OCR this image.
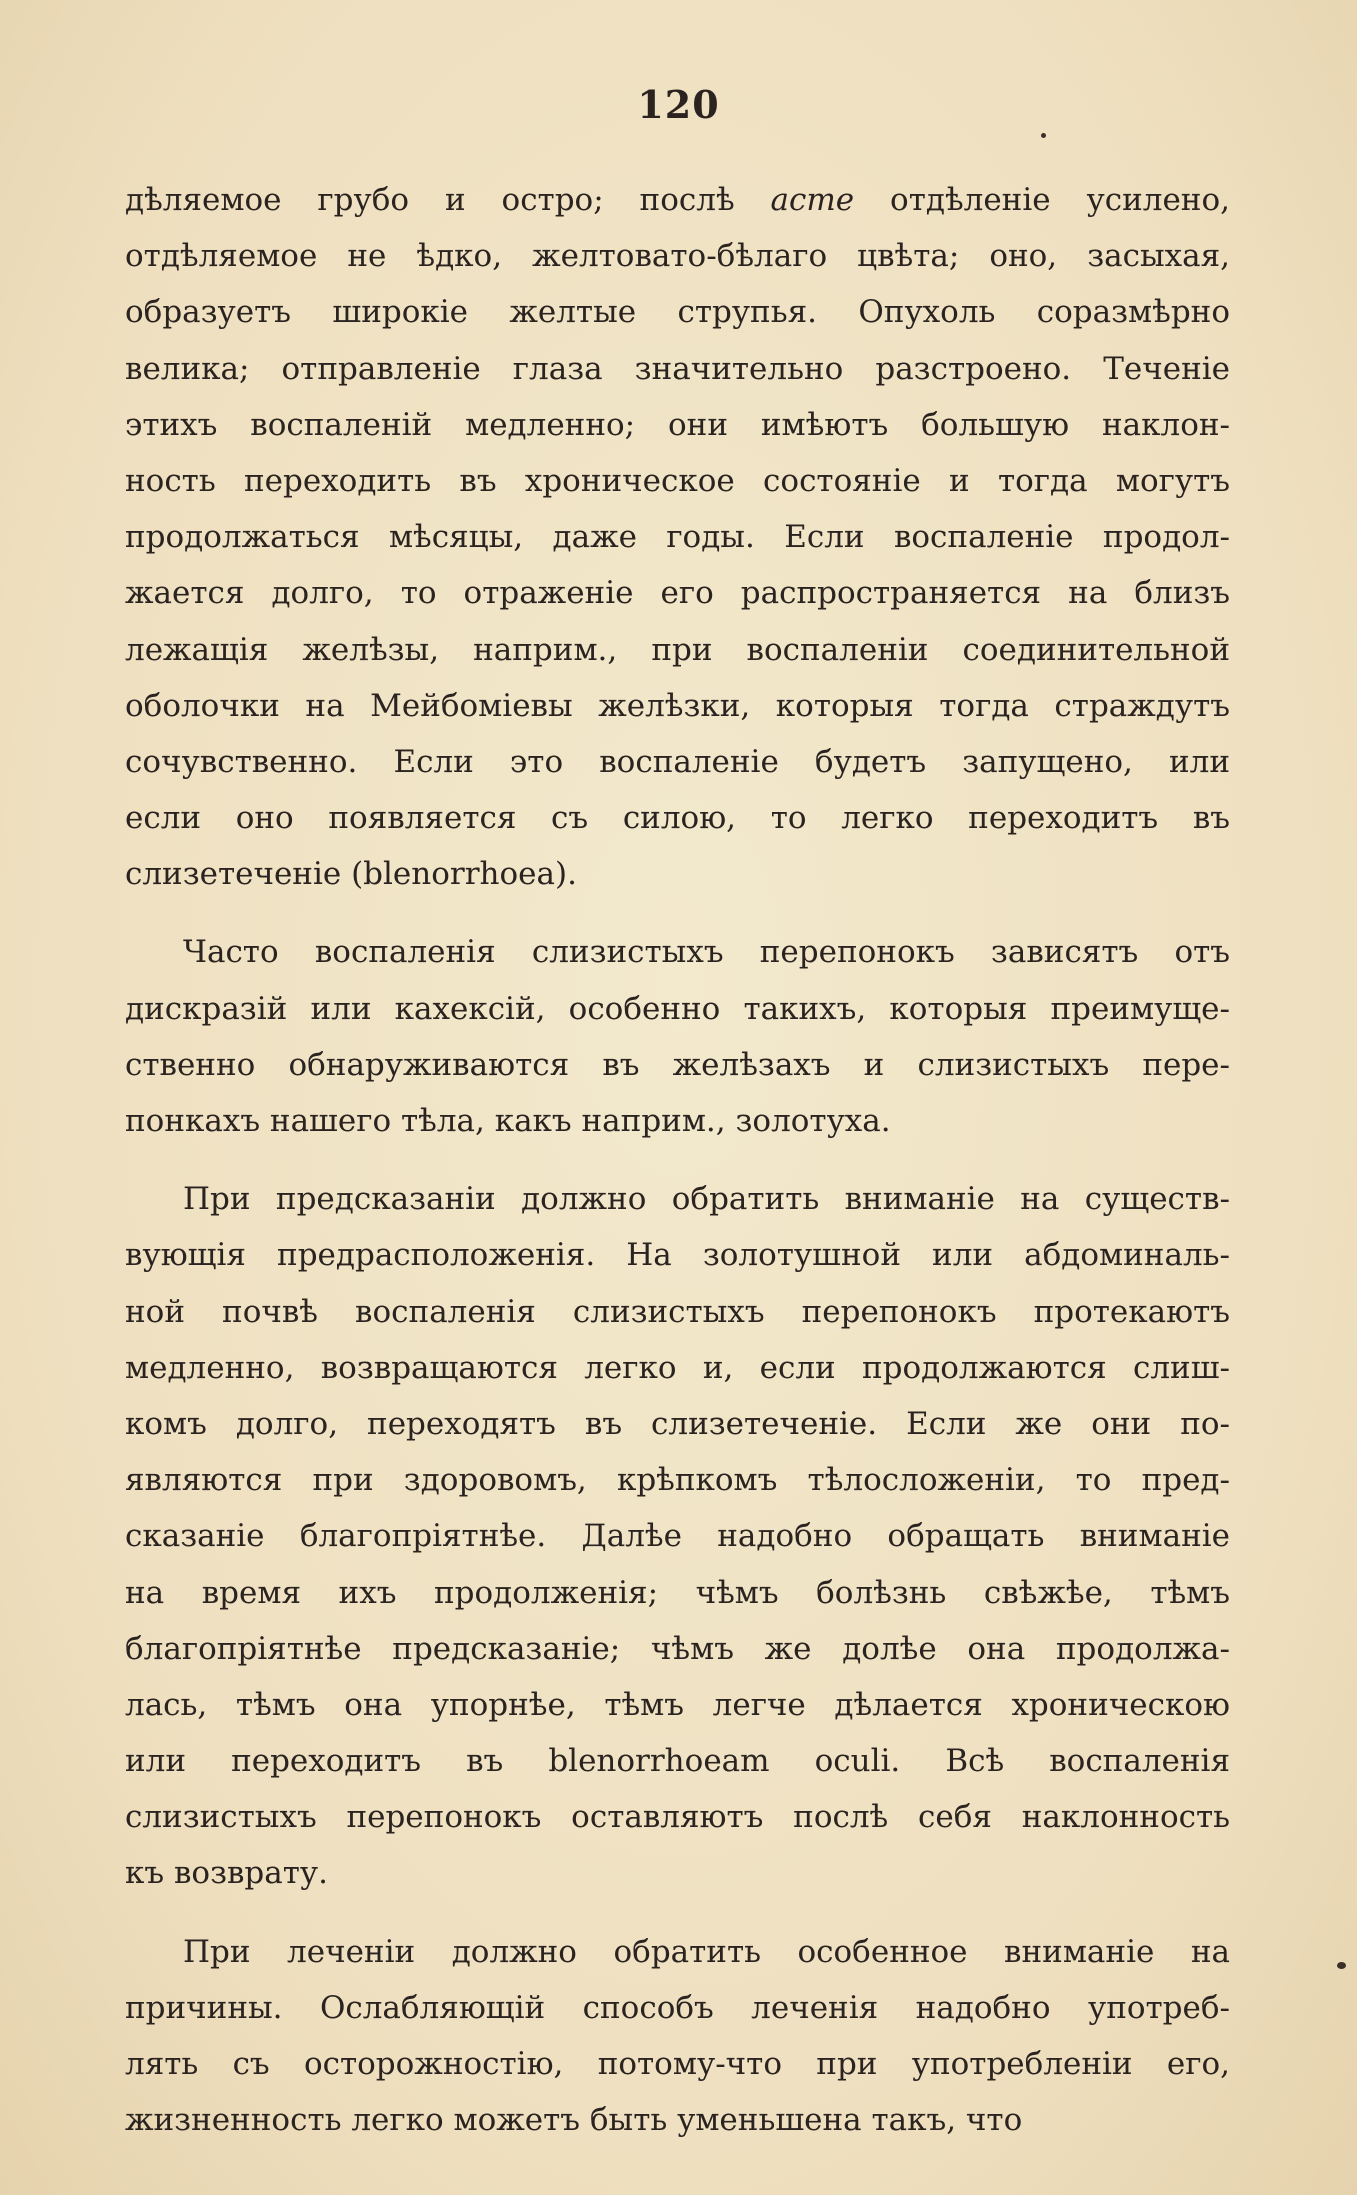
120
дѣляемое грубо и остро; послѣ acme отдѣленіе усилено,
отдѣляемое не ѣдко, желтовато-бѣлаго цвѣта; оно, засыхая,
образуетъ широкіе желтые струпья. Опухоль соразмѣрно
велика; отправленіе глаза значительно разстроено. Теченіе
этихъ воспаленій медленно; они имѣютъ большую наклон-
ность переходить въ хроническое состояніе и тогда могутъ
продолжаться мѣсяцы, даже годы. Если воспаленіе продол-
жается долго, то отраженіе его распространяется на близъ
лежащія желѣзы, наприм., при воспаленіи соединительной
оболочки на Мейбоміевы желѣзки, которыя тогда страждутъ
сочувственно. Если это воспаленіе будетъ запущено, или
если оно появляется съ силою, то легко переходитъ въ
слизетеченіе (blenorrhoea).
Часто воспаленія слизистыхъ перепонокъ зависятъ отъ
дискразій или кахексій, особенно такихъ, которыя преимуще-
ственно обнаруживаются въ желѣзахъ и слизистыхъ пере-
понкахъ нашего тѣла, какъ наприм., золотуха.
При предсказаніи должно обратить вниманіе на существ-
вующія предрасположенія. На золотушной или абдоминаль-
ной почвѣ воспаленія слизистыхъ перепонокъ протекаютъ
медленно, возвращаются легко и, если продолжаются слиш-
комъ долго, переходятъ въ слизетеченіе. Если же они по-
являются при здоровомъ, крѣпкомъ тѣлосложеніи, то пред-
сказаніе благопріятнѣе. Далѣе надобно обращать вниманіе
на время ихъ продолженія; чѣмъ болѣзнь свѣжѣе, тѣмъ
благопріятнѣе предсказаніе; чѣмъ же долѣе она продолжа-
лась, тѣмъ она упорнѣе, тѣмъ легче дѣлается хроническою
или переходитъ въ blenorrhoeam oculi. Всѣ воспаленія
слизистыхъ перепонокъ оставляютъ послѣ себя наклонность
къ возврату.
При леченіи должно обратить особенное вниманіе на
причины. Ослабляющій способъ леченія надобно употреб-
лять съ осторожностію, потому-что при употребленіи его,
жизненность легко можетъ быть уменьшена такъ, что
